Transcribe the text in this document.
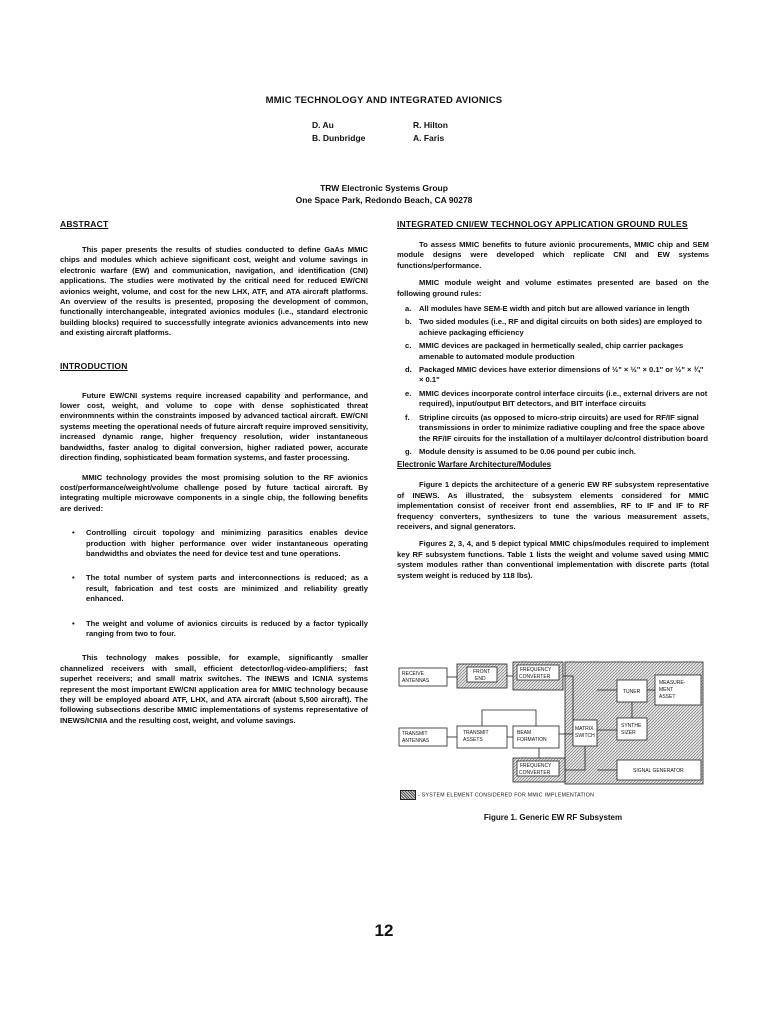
MMIC TECHNOLOGY AND INTEGRATED AVIONICS
D. Au
B. Dunbridge
R. Hilton
A. Faris
TRW Electronic Systems Group
One Space Park, Redondo Beach, CA 90278
ABSTRACT

This paper presents the results of studies conducted to define GaAs MMIC chips and modules which achieve significant cost, weight and volume savings in electronic warfare (EW) and communication, navigation, and identification (CNI) applications. The studies were motivated by the critical need for reduced EW/CNI avionics weight, volume, and cost for the new LHX, ATF, and ATA aircraft platforms. An overview of the results is presented, proposing the development of common, functionally interchangeable, integrated avionics modules (i.e., standard electronic building blocks) required to successfully integrate avionics advancements into new and existing aircraft platforms.

INTRODUCTION

Future EW/CNI systems require increased capability and performance, and lower cost, weight, and volume to cope with dense sophisticated threat environmnents within the constraints imposed by advanced tactical aircraft. EW/CNI systems meeting the operational needs of future aircraft require improved sensitivity, increased dynamic range, higher frequency resolution, wider instantaneous bandwidths, faster analog to digital conversion, higher radiated power, accurate direction finding, sophisticated beam formation systems, and faster processing.

MMIC technology provides the most promising solution to the RF avionics cost/performance/weight/volume challenge posed by future tactical aircraft. By integrating multiple microwave components in a single chip, the following benefits are derived:

• Controlling circuit topology and minimizing parasitics enables device production with higher performance over wider instantaneous operating bandwidths and obviates the need for device test and tune operations.
• The total number of system parts and interconnections is reduced; as a result, fabrication and test costs are minimized and reliability greatly enhanced.
• The weight and volume of avionics circuits is reduced by a factor typically ranging from two to four.

This technology makes possible, for example, significantly smaller channelized receivers with small, efficient detector/log-video-amplifiers; fast superhet receivers; and small matrix switches. The INEWS and ICNIA systems represent the most important EW/CNI application area for MMIC technology because they will be employed aboard ATF, LHX, and ATA aircraft (about 5,500 aircraft). The following subsections describe MMIC implementations of systems representative of INEWS/ICNIA and the resulting cost, weight, and volume savings.

INTEGRATED CNI/EW TECHNOLOGY APPLICATION GROUND RULES

To assess MMIC benefits to future avionic procurements, MMIC chip and SEM module designs were developed which replicate CNI and EW systems functions/performance.

MMIC module weight and volume estimates presented are based on the following ground rules:

a. All modules have SEM-E width and pitch but are allowed variance in length
b. Two sided modules (i.e., RF and digital circuits on both sides) are employed to achieve packaging efficiency
c. MMIC devices are packaged in hermetically sealed, chip carrier packages amenable to automated module production
d. Packaged MMIC devices have exterior dimensions of ½" × ½" × 0.1" or ½" × ¾" × 0.1"
e. MMIC devices incorporate control interface circuits (i.e., external drivers are not required), input/output BIT detectors, and BIT interface circuits
f. Stripline circuits (as opposed to micro-strip circuits) are used for RF/IF signal transmissions in order to minimize radiative coupling and free the space above the RF/IF circuits for the installation of a multilayer dc/control distribution board
g. Module density is assumed to be 0.06 pound per cubic inch.
Electronic Warfare Architecture/Modules

Figure 1 depicts the architecture of a generic EW RF subsystem representative of INEWS. As illustrated, the subsystem elements considered for MMIC implementation consist of receiver front end assemblies, RF to IF and IF to RF frequency converters, synthesizers to tune the various measurement assets, receivers, and signal generators.

Figures 2, 3, 4, and 5 depict typical MMIC chips/modules required to implement key RF subsystem functions. Table 1 lists the weight and volume saved using MMIC system modules rather than conventional implementation with discrete parts (total system weight is reduced by 118 lbs).

RECEIVE
ANTENNAS
FRONT
END
FREQUENCY
CONVERTER
TUNER
MEASURE-
MENT
ASSET
TRANSMIT
ANTENNAS
TRANSMIT
ASSETS
BEAM
FORMATION
MATRIX
SWITCH
SYNTHE
SIZER
FREQUENCY
CONVERTER	SIGNAL GENERATOR
- SYSTEM ELEMENT CONSIDERED FOR MMIC IMPLEMENTATION
Figure 1. Generic EW RF Subsystem
12
